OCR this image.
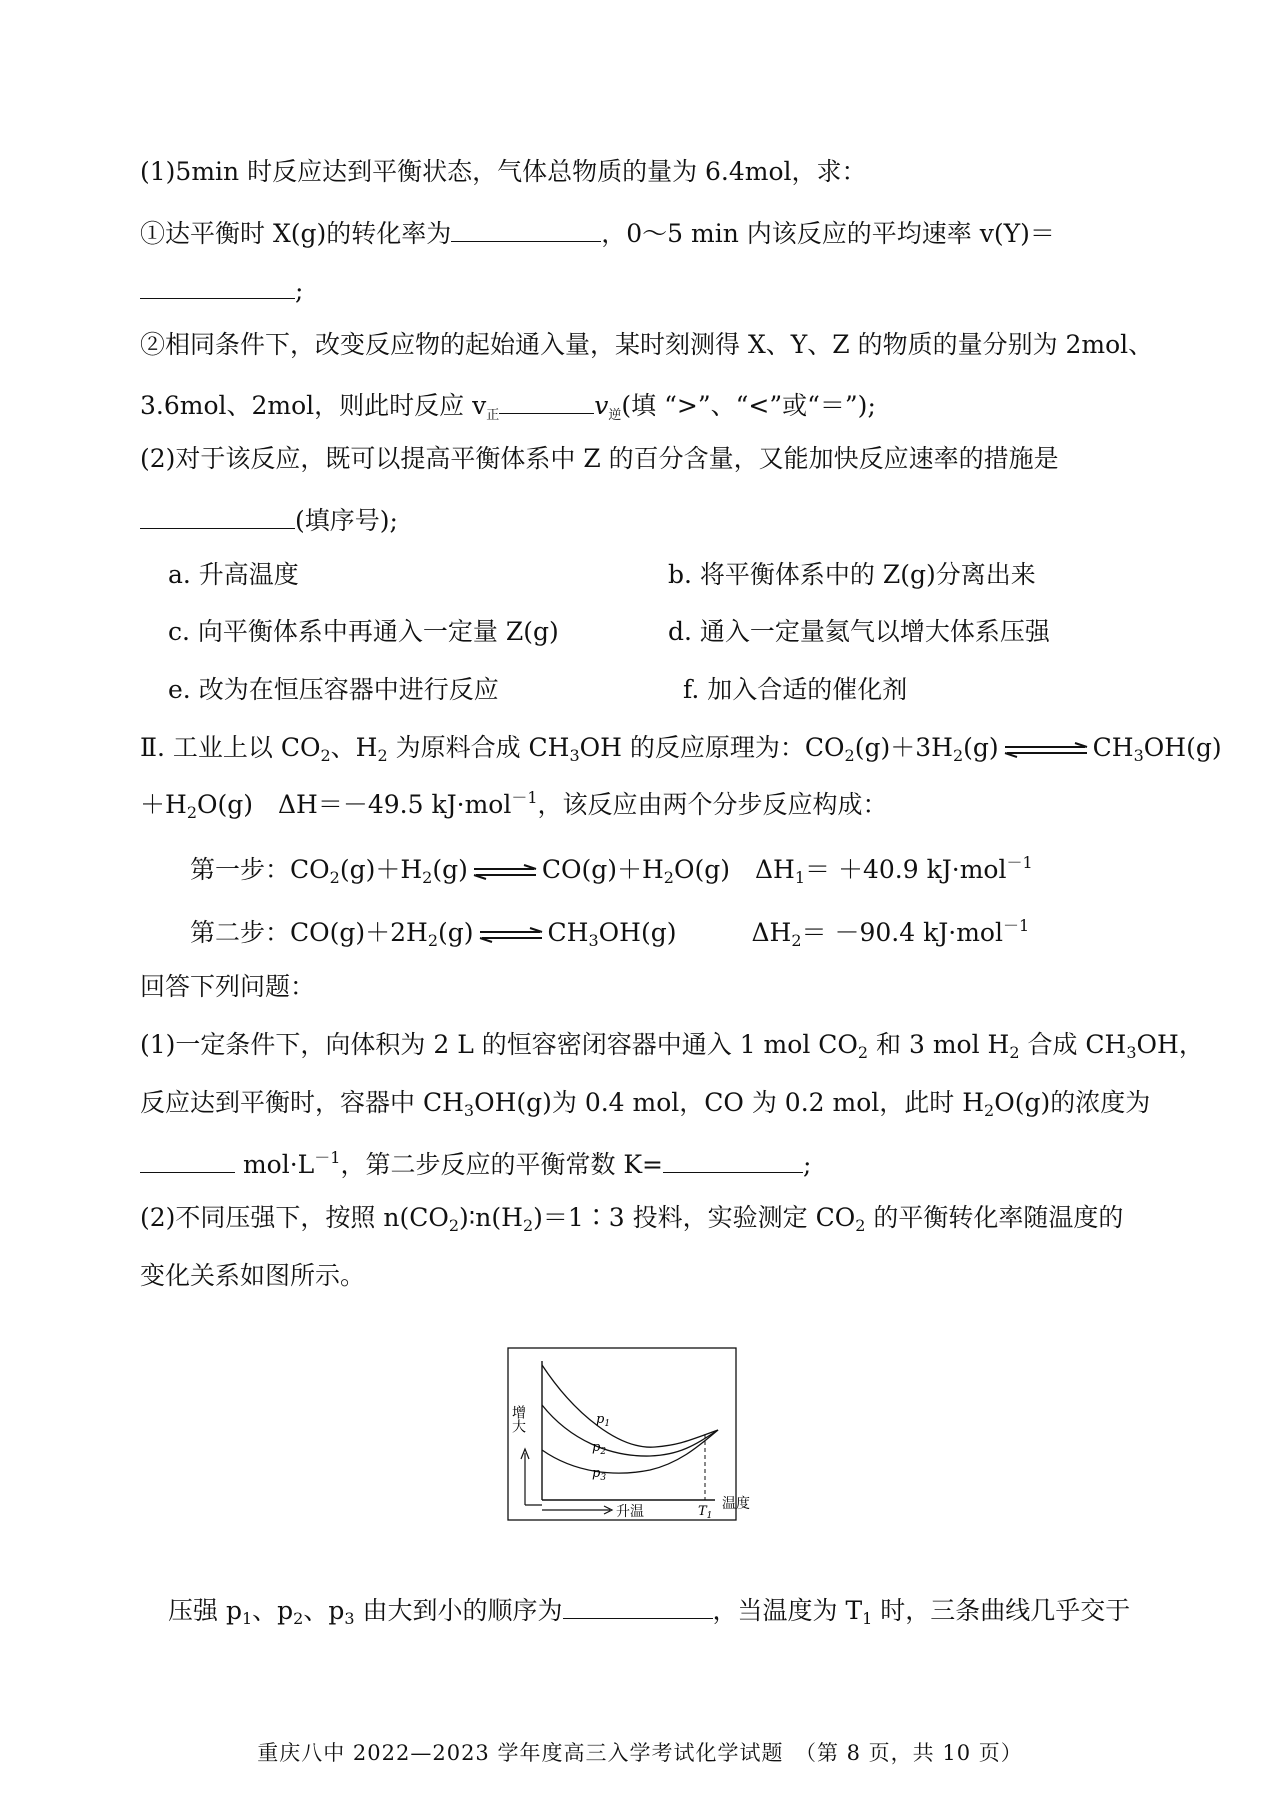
(1)5min 时反应达到平衡状态，气体总物质的量为 6.4mol，求：
①达平衡时 X(g)的转化率为	，0～5 min 内该反应的平均速率 v(Y)＝
;
②相同条件下，改变反应物的起始通入量，某时刻测得 X、Y、Z 的物质的量分别为 2mol、
3.6mol、2mol，则此时反应 $v_正$	$v_逆$(填 “>”、“<”或“＝”);
(2)对于该反应，既可以提高平衡体系中 Z 的百分含量，又能加快反应速率的措施是
(填序号);
a. 升高温度	b. 将平衡体系中的 Z(g)分离出来
c. 向平衡体系中再通入一定量 Z(g)	d. 通入一定量氦气以增大体系压强
e. 改为在恒压容器中进行反应	f. 加入合适的催化剂
Ⅱ. 工业上以 $CO_2$、$H_2$ 为原料合成 $CH_3OH$ 的反应原理为：$CO_2(g)+3H_2(g)$ ⇌ $CH_3OH(g)$
$+H_2O(g)$　ΔH＝－49.5 kJ·mol$^{-1}$，该反应由两个分步反应构成：
第一步：$CO_2(g)+H_2(g)$ ⇌ $CO(g)+H_2O(g)$　$\Delta H_1= +40.9$ kJ·mol$^{-1}$
第二步：$CO(g)+2H_2(g)$ ⇌ $CH_3OH(g)$	$\Delta H_2= -90.4$ kJ·mol$^{-1}$
回答下列问题：
(1)一定条件下，向体积为 2 L 的恒容密闭容器中通入 1 mol $CO_2$ 和 3 mol $H_2$ 合成 $CH_3OH$，
反应达到平衡时，容器中 $CH_3OH(g)$为 0.4 mol，CO 为 0.2 mol，此时 $H_2O(g)$的浓度为
$mol\cdot L^{-1}$，第二步反应的平衡常数 K=	;
(2)不同压强下，按照 $n(CO_2)∶n(H_2)=1∶3$ 投料，实验测定 $CO_2$ 的平衡转化率随温度的
变化关系如图所示。
$p_1$
$p_2$
$p_3$
增大
升温	温度
$T_1$
压强 $p_1$、$p_2$、$p_3$ 由大到小的顺序为	，当温度为 $T_1$ 时，三条曲线几乎交于
重庆八中 2022—2023 学年度高三入学考试化学试题　（第 8 页，共 10 页）
